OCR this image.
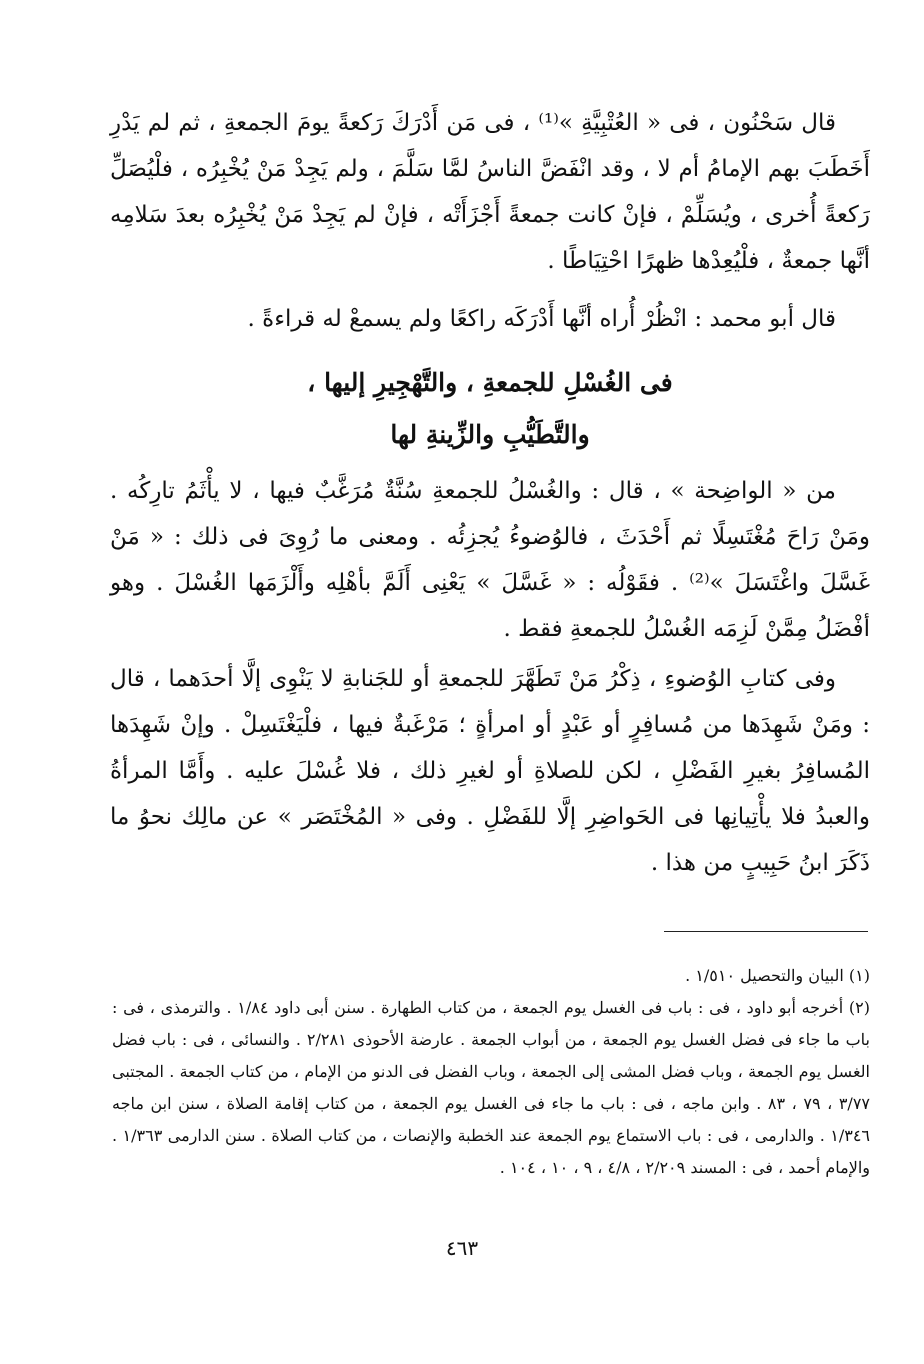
قال سَحْنُون ، فى « العُتْبِيَّةِ »⁽¹⁾ ، فى مَن أَدْرَكَ رَكعةً يومَ الجمعةِ ، ثم لم يَدْرِ أَخَطَبَ بهم الإمامُ أم لا ، وقد انْفَضَّ الناسُ لمَّا سَلَّمَ ، ولم يَجِدْ مَنْ يُخْبِرُه ، فلْيُصَلِّ رَكعةً أُخرى ، ويُسَلِّمْ ، فإنْ كانت جمعةً أَجْزَأَتْه ، فإنْ لم يَجِدْ مَنْ يُخْبِرُه بعدَ سَلامِه أنَّها جمعةٌ ، فلْيُعِدْها ظهرًا احْتِيَاطًا .

قال أبو محمد : انْظُرْ أُراه أنَّها أَدْرَكَه راكعًا ولم يسمعْ له قراءةً .

فى الغُسْلِ للجمعةِ ، والتَّهْجِيرِ إليها ،
والتَّطَيُّبِ والزِّينةِ لها

من « الواضِحة » ، قال : والغُسْلُ للجمعةِ سُنَّةٌ مُرَغَّبٌ فيها ، لا يأْثَمُ تارِكُه . ومَنْ رَاحَ مُغْتَسِلًا ثم أَحْدَثَ ، فالوُضوءُ يُجزِئُه . ومعنى ما رُوِىَ فى ذلك : « مَنْ غَسَّلَ واغْتَسَلَ »⁽²⁾ . فقَوْلُه : « غَسَّلَ » يَعْنِى أَلَمَّ بأهْلِه وأَلْزَمَها الغُسْلَ . وهو أفْضَلُ مِمَّنْ لَزِمَه الغُسْلُ للجمعةِ فقط .

وفى كتابِ الوُضوءِ ، ذِكْرُ مَنْ تَطَهَّرَ للجمعةِ أو للجَنابةِ لا يَنْوِى إلَّا أحدَهما ، قال : ومَنْ شَهِدَها من مُسافِرٍ أو عَبْدٍ أو امرأةٍ ؛ مَرْغَبةٌ فيها ، فلْيَغْتَسِلْ . وإنْ شَهِدَها المُسافِرُ بغيرِ الفَضْلِ ، لكن للصلاةِ أو لغيرِ ذلك ، فلا غُسْلَ عليه . وأَمَّا المرأةُ والعبدُ فلا يأْتِيانِها فى الحَواضِرِ إلَّا للفَضْلِ . وفى « المُخْتَصَر » عن مالِك نحوُ ما ذَكَرَ ابنُ حَبِيبٍ من هذا .

(١) البيان والتحصيل ١/٥١٠ .

(٢) أخرجه أبو داود ، فى : باب فى الغسل يوم الجمعة ، من كتاب الطهارة . سنن أبى داود ١/٨٤ . والترمذى ، فى : باب ما جاء فى فضل الغسل يوم الجمعة ، من أبواب الجمعة . عارضة الأحوذى ٢/٢٨١ . والنسائى ، فى : باب فضل الغسل يوم الجمعة ، وباب فضل المشى إلى الجمعة ، وباب الفضل فى الدنو من الإمام ، من كتاب الجمعة . المجتبى ٣/٧٧ ، ٧٩ ، ٨٣ . وابن ماجه ، فى : باب ما جاء فى الغسل يوم الجمعة ، من كتاب إقامة الصلاة ، سنن ابن ماجه ١/٣٤٦ . والدارمى ، فى : باب الاستماع يوم الجمعة عند الخطبة والإنصات ، من كتاب الصلاة . سنن الدارمى ١/٣٦٣ . والإمام أحمد ، فى : المسند ٢/٢٠٩ ، ٤/٨ ، ٩ ، ١٠ ، ١٠٤ .

٤٦٣
